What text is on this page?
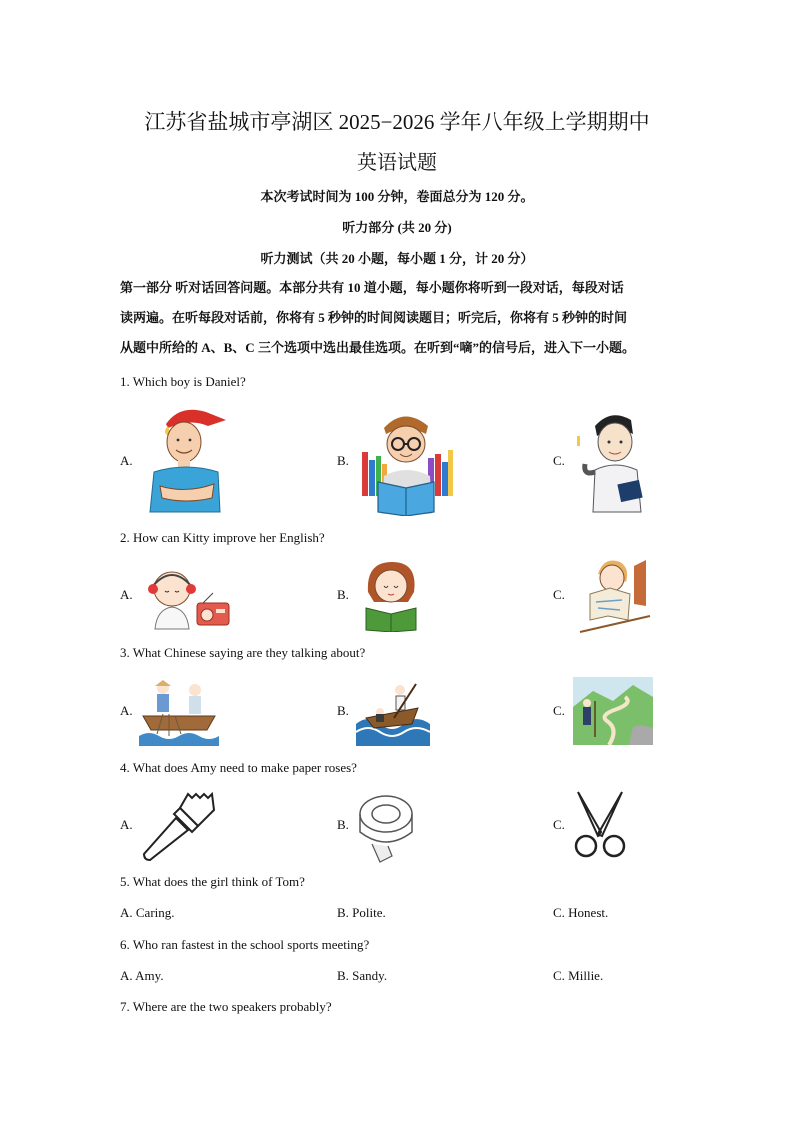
江苏省盐城市亭湖区 2025−2026 学年八年级上学期期中
英语试题
本次考试时间为 100 分钟，卷面总分为 120 分。
听力部分 (共 20 分)
听力测试（共 20 小题，每小题 1 分，计 20 分）
第一部分 听对话回答问题。本部分共有 10 道小题，每小题你将听到一段对话，每段对话
读两遍。在听每段对话前，你将有 5 秒钟的时间阅读题目；听完后，你将有 5 秒钟的时间
从题中所给的 A、B、C 三个选项中选出最佳选项。在听到“嘀”的信号后，进入下一小题。
1. Which boy is Daniel?
A.	B.	C.
2. How can Kitty improve her English?
A.	B.	C.
3. What Chinese saying are they talking about?
A.	B.	C.
4. What does Amy need to make paper roses?
A.	B.	C.
5. What does the girl think of Tom?
A. Caring.	B. Polite.	C. Honest.
6. Who ran fastest in the school sports meeting?
A. Amy.	B. Sandy.	C. Millie.
7. Where are the two speakers probably?
